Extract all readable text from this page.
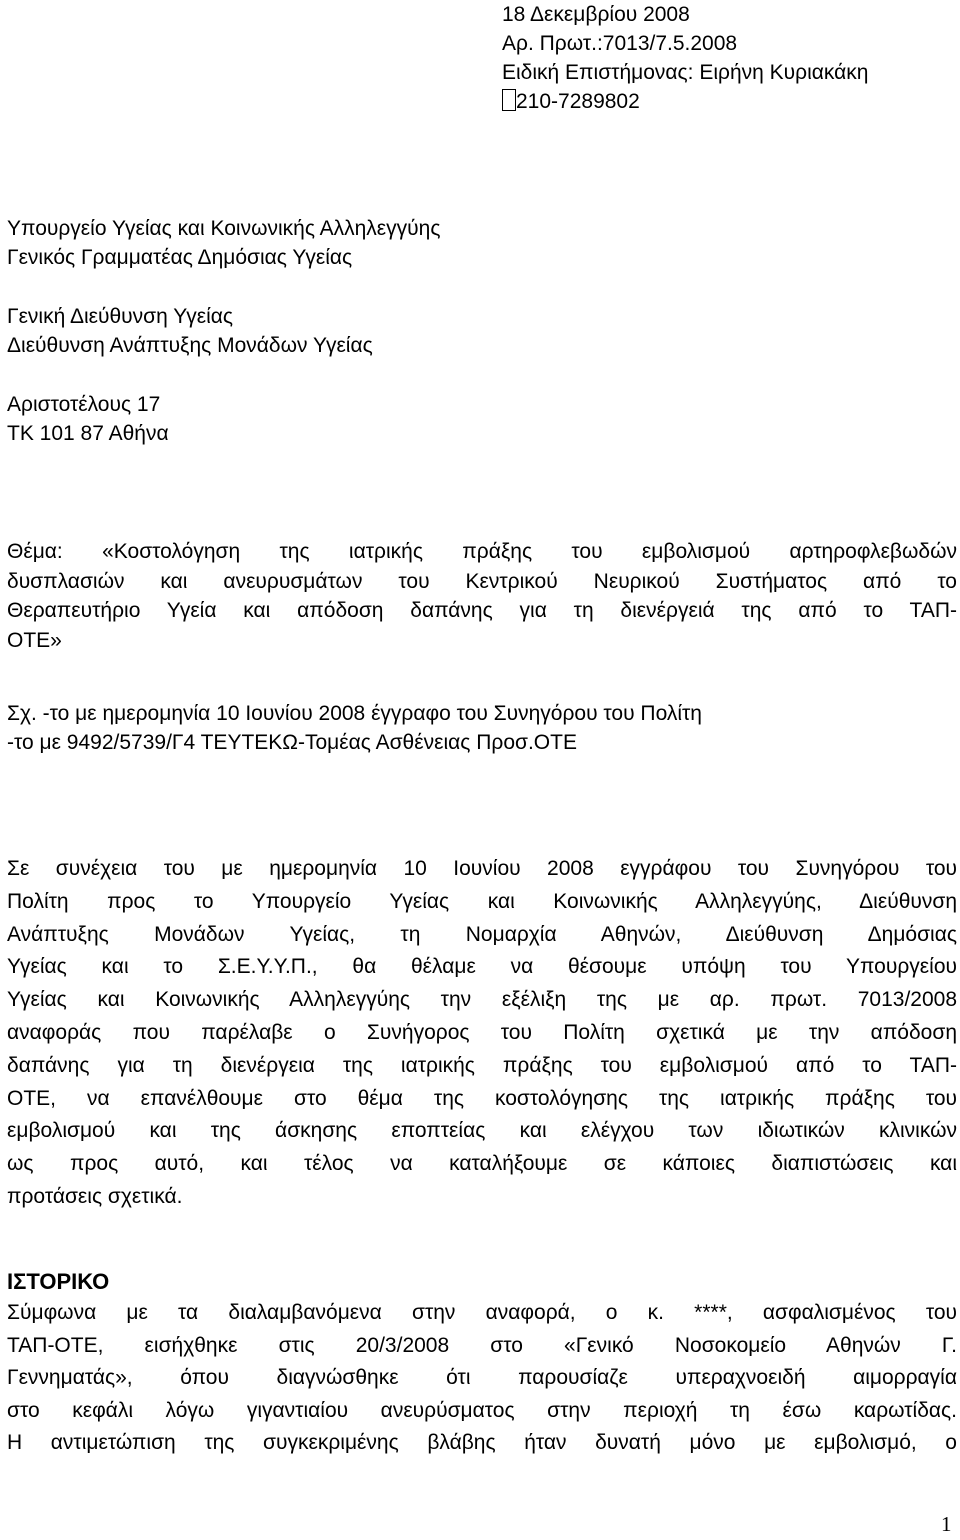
18 Δεκεμβρίου 2008
Αρ. Πρωτ.:7013/7.5.2008
Ειδική Επιστήμονας: Ειρήνη Κυριακάκη
210-7289802
Υπουργείο Υγείας και Κοινωνικής Αλληλεγγύης
Γενικός Γραμματέας Δημόσιας Υγείας
Γενική Διεύθυνση Υγείας
Διεύθυνση Ανάπτυξης Μονάδων Υγείας
Αριστοτέλους 17
ΤΚ 101 87 Αθήνα
Θέμα: «Κοστολόγηση της ιατρικής πράξης του εμβολισμού αρτηροφλεβωδών
δυσπλασιών και ανευρυσμάτων του Κεντρικού Νευρικού Συστήματος από το
Θεραπευτήριο Υγεία και απόδοση δαπάνης για τη διενέργειά της από το ΤΑΠ-
ΟΤΕ»
Σχ. -το με ημερομηνία 10 Ιουνίου 2008 έγγραφο του Συνηγόρου του Πολίτη
-το με 9492/5739/Γ4 ΤΕΥΤΕΚΩ-Τομέας Ασθένειας Προσ.ΟΤΕ
Σε συνέχεια του με ημερομηνία 10 Ιουνίου 2008 εγγράφου του Συνηγόρου του
Πολίτη προς το Υπουργείο Υγείας και Κοινωνικής Αλληλεγγύης, Διεύθυνση
Ανάπτυξης Μονάδων Υγείας, τη Νομαρχία Αθηνών, Διεύθυνση Δημόσιας
Υγείας και το Σ.Ε.Υ.Υ.Π., θα θέλαμε να θέσουμε υπόψη του Υπουργείου
Υγείας και Κοινωνικής Αλληλεγγύης την εξέλιξη της με αρ. πρωτ. 7013/2008
αναφοράς που παρέλαβε ο Συνήγορος του Πολίτη σχετικά με την απόδοση
δαπάνης για τη διενέργεια της ιατρικής πράξης του εμβολισμού από το ΤΑΠ-
ΟΤΕ, να επανέλθουμε στο θέμα της κοστολόγησης της ιατρικής πράξης του
εμβολισμού και της άσκησης εποπτείας και ελέγχου των ιδιωτικών κλινικών
ως προς αυτό, και τέλος να καταλήξουμε σε κάποιες διαπιστώσεις και
προτάσεις σχετικά.
ΙΣΤΟΡΙΚΟ
Σύμφωνα με τα διαλαμβανόμενα στην αναφορά, ο κ. ****, ασφαλισμένος του
ΤΑΠ-ΟΤΕ, εισήχθηκε στις 20/3/2008 στο «Γενικό Νοσοκομείο Αθηνών Γ.
Γεννηματάς», όπου διαγνώσθηκε ότι παρουσίαζε υπεραχνοειδή αιμορραγία
στο κεφάλι λόγω γιγαντιαίου ανευρύσματος στην περιοχή τη έσω καρωτίδας.
Η αντιμετώπιση της συγκεκριμένης βλάβης ήταν δυνατή μόνο με εμβολισμό, ο
1
